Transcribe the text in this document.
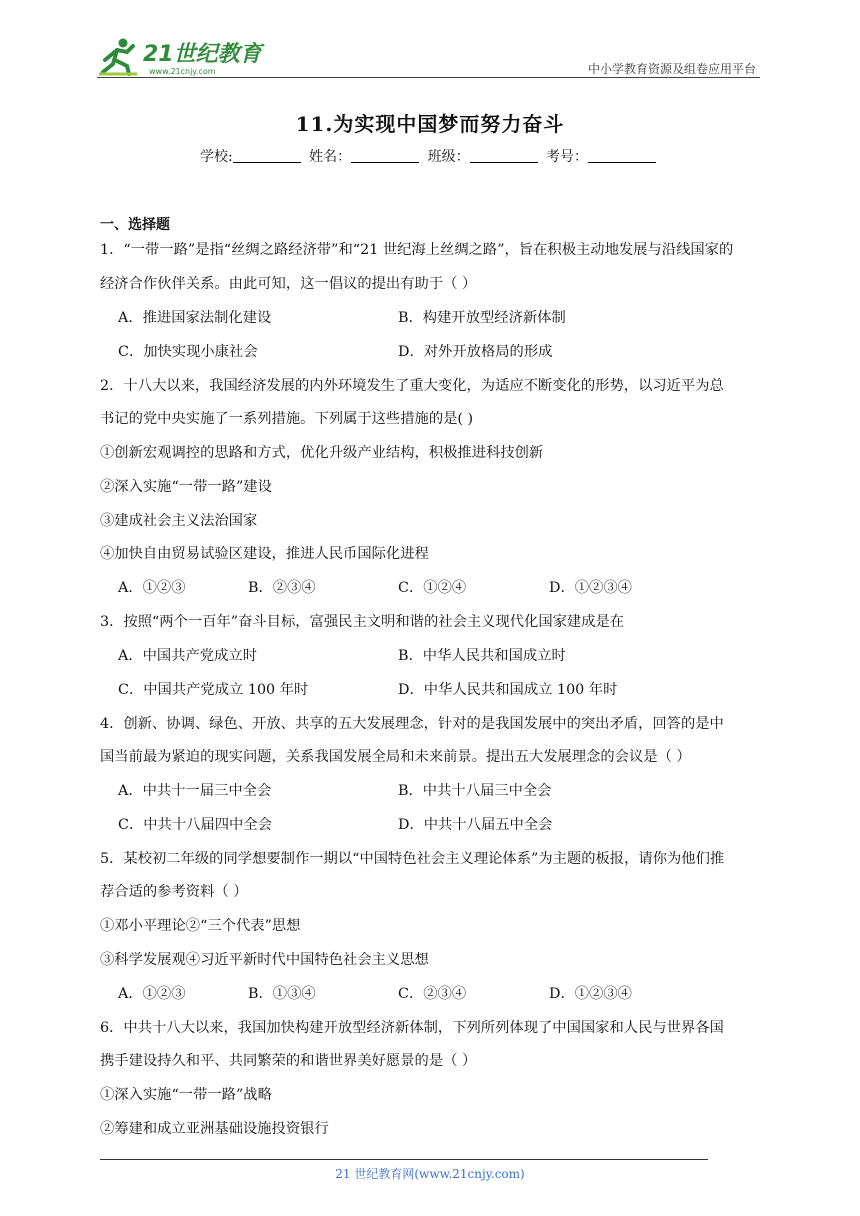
21世纪教育
www.21cnjy.com	中小学教育资源及组卷应用平台
11.为实现中国梦而努力奋斗
学校:	姓名：	班级：	考号：
一、选择题
1．“一带一路”是指“丝绸之路经济带”和“21 世纪海上丝绸之路”，旨在积极主动地发展与沿线国家的
经济合作伙伴关系。由此可知，这一倡议的提出有助于（ ）
A．推进国家法制化建设	B．构建开放型经济新体制
C．加快实现小康社会	D．对外开放格局的形成
2．十八大以来，我国经济发展的内外环境发生了重大变化，为适应不断变化的形势，以习近平为总
书记的党中央实施了一系列措施。下列属于这些措施的是( )
①创新宏观调控的思路和方式，优化升级产业结构，积极推进科技创新
②深入实施“一带一路”建设
③建成社会主义法治国家
④加快自由贸易试验区建设，推进人民币国际化进程
A．①②③	B．②③④	C．①②④	D．①②③④
3．按照“两个一百年”奋斗目标，富强民主文明和谐的社会主义现代化国家建成是在
A．中国共产党成立时	B．中华人民共和国成立时
C．中国共产党成立 100 年时	D．中华人民共和国成立 100 年时
4．创新、协调、绿色、开放、共享的五大发展理念，针对的是我国发展中的突出矛盾，回答的是中
国当前最为紧迫的现实问题，关系我国发展全局和未来前景。提出五大发展理念的会议是（ ）
A．中共十一届三中全会	B．中共十八届三中全会
C．中共十八届四中全会	D．中共十八届五中全会
5．某校初二年级的同学想要制作一期以“中国特色社会主义理论体系”为主题的板报，请你为他们推
荐合适的参考资料（ ）
①邓小平理论②“三个代表”思想
③科学发展观④习近平新时代中国特色社会主义思想
A．①②③	B．①③④	C．②③④	D．①②③④
6．中共十八大以来，我国加快构建开放型经济新体制，下列所列体现了中国国家和人民与世界各国
携手建设持久和平、共同繁荣的和谐世界美好愿景的是（ ）
①深入实施“一带一路”战略
②筹建和成立亚洲基础设施投资银行
21 世纪教育网(www.21cnjy.com)
